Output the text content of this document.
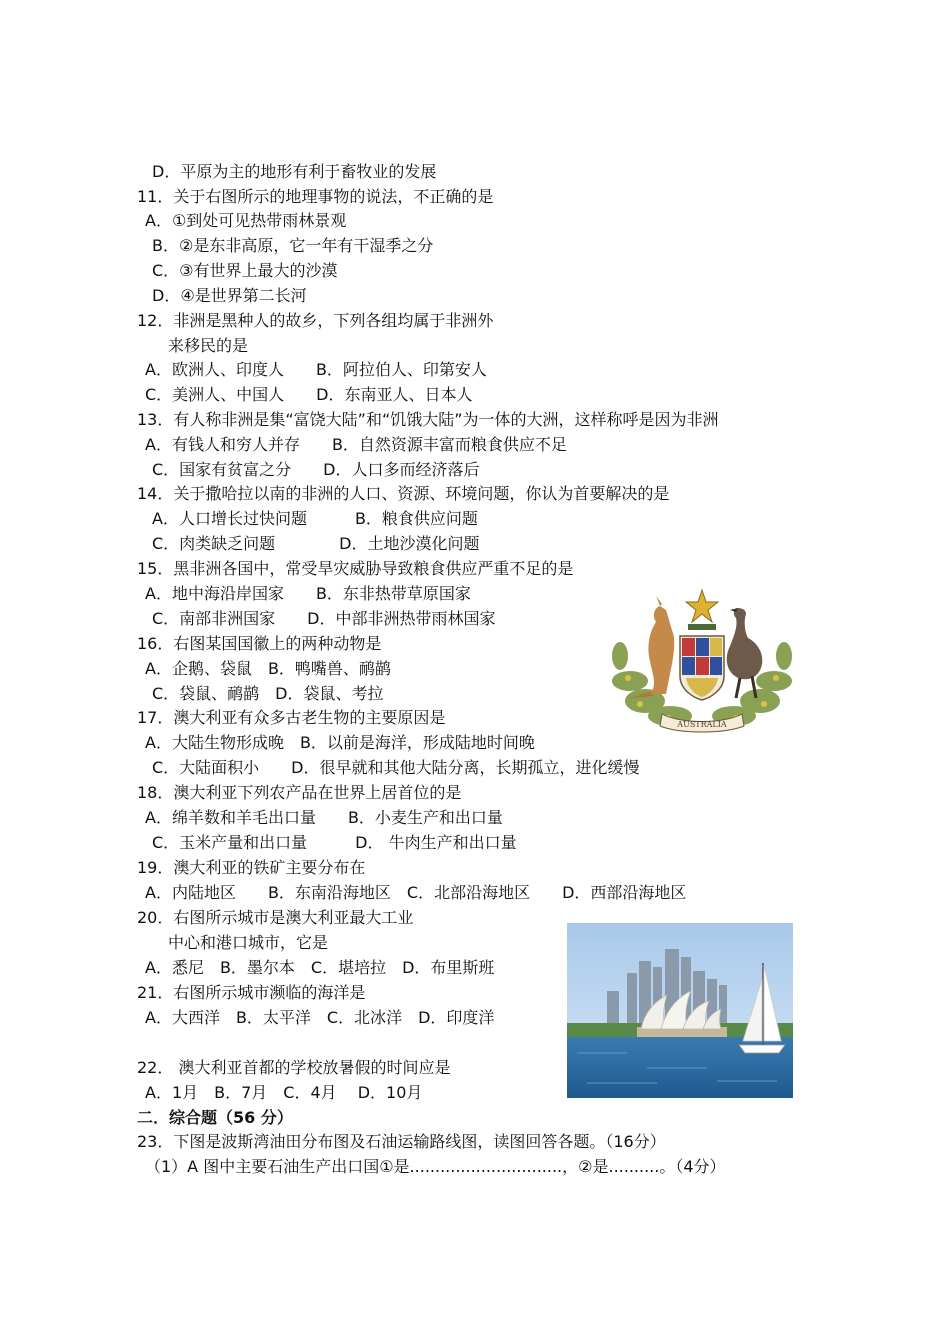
D．平原为主的地形有利于畜牧业的发展
11．关于右图所示的地理事物的说法，不正确的是
A．①到处可见热带雨林景观
B．②是东非高原，它一年有干湿季之分
C．③有世界上最大的沙漠
D．④是世界第二长河
12．非洲是黑种人的故乡，下列各组均属于非洲外
来移民的是
A．欧洲人、印度人　　B．阿拉伯人、印第安人
C．美洲人、中国人　　D．东南亚人、日本人
13．有人称非洲是集“富饶大陆”和“饥饿大陆”为一体的大洲，这样称呼是因为非洲
A．有钱人和穷人并存　　B．自然资源丰富而粮食供应不足
C．国家有贫富之分　　D．人口多而经济落后
14．关于撒哈拉以南的非洲的人口、资源、环境问题，你认为首要解决的是
A．人口增长过快问题　　　B．粮食供应问题
C．肉类缺乏问题　　　　D．土地沙漠化问题
15．黑非洲各国中，常受旱灾威胁导致粮食供应严重不足的是
A．地中海沿岸国家　　B．东非热带草原国家
C．南部非洲国家　　D．中部非洲热带雨林国家
16．右图某国国徽上的两种动物是
A．企鹅、袋鼠　B．鸭嘴兽、鸸鹋
C．袋鼠、鸸鹋　D．袋鼠、考拉
17．澳大利亚有众多古老生物的主要原因是
A．大陆生物形成晚　B．以前是海洋，形成陆地时间晚
C．大陆面积小　　D．很早就和其他大陆分离，长期孤立，进化缓慢
18．澳大利亚下列农产品在世界上居首位的是
A．绵羊数和羊毛出口量　　B．小麦生产和出口量
C．玉米产量和出口量　　　D． 牛肉生产和出口量
19．澳大利亚的铁矿主要分布在
A．内陆地区　　B．东南沿海地区　C．北部沿海地区　　D．西部沿海地区
20．右图所示城市是澳大利亚最大工业
中心和港口城市，它是
A．悉尼　B．墨尔本　C．堪培拉　D．布里斯班
21．右图所示城市濒临的海洋是
A．大西洋　B．太平洋　C．北冰洋　D．印度洋
22． 澳大利亚首都的学校放暑假的时间应是
A．1月　B．7月　C．4月　 D．10月
二．综合题（56 分）
23．下图是波斯湾油田分布图及石油运输路线图，读图回答各题。（16分）
（1）A 图中主要石油生产出口国①是..............................，②是..........。（4分）
AUSTRALIA
